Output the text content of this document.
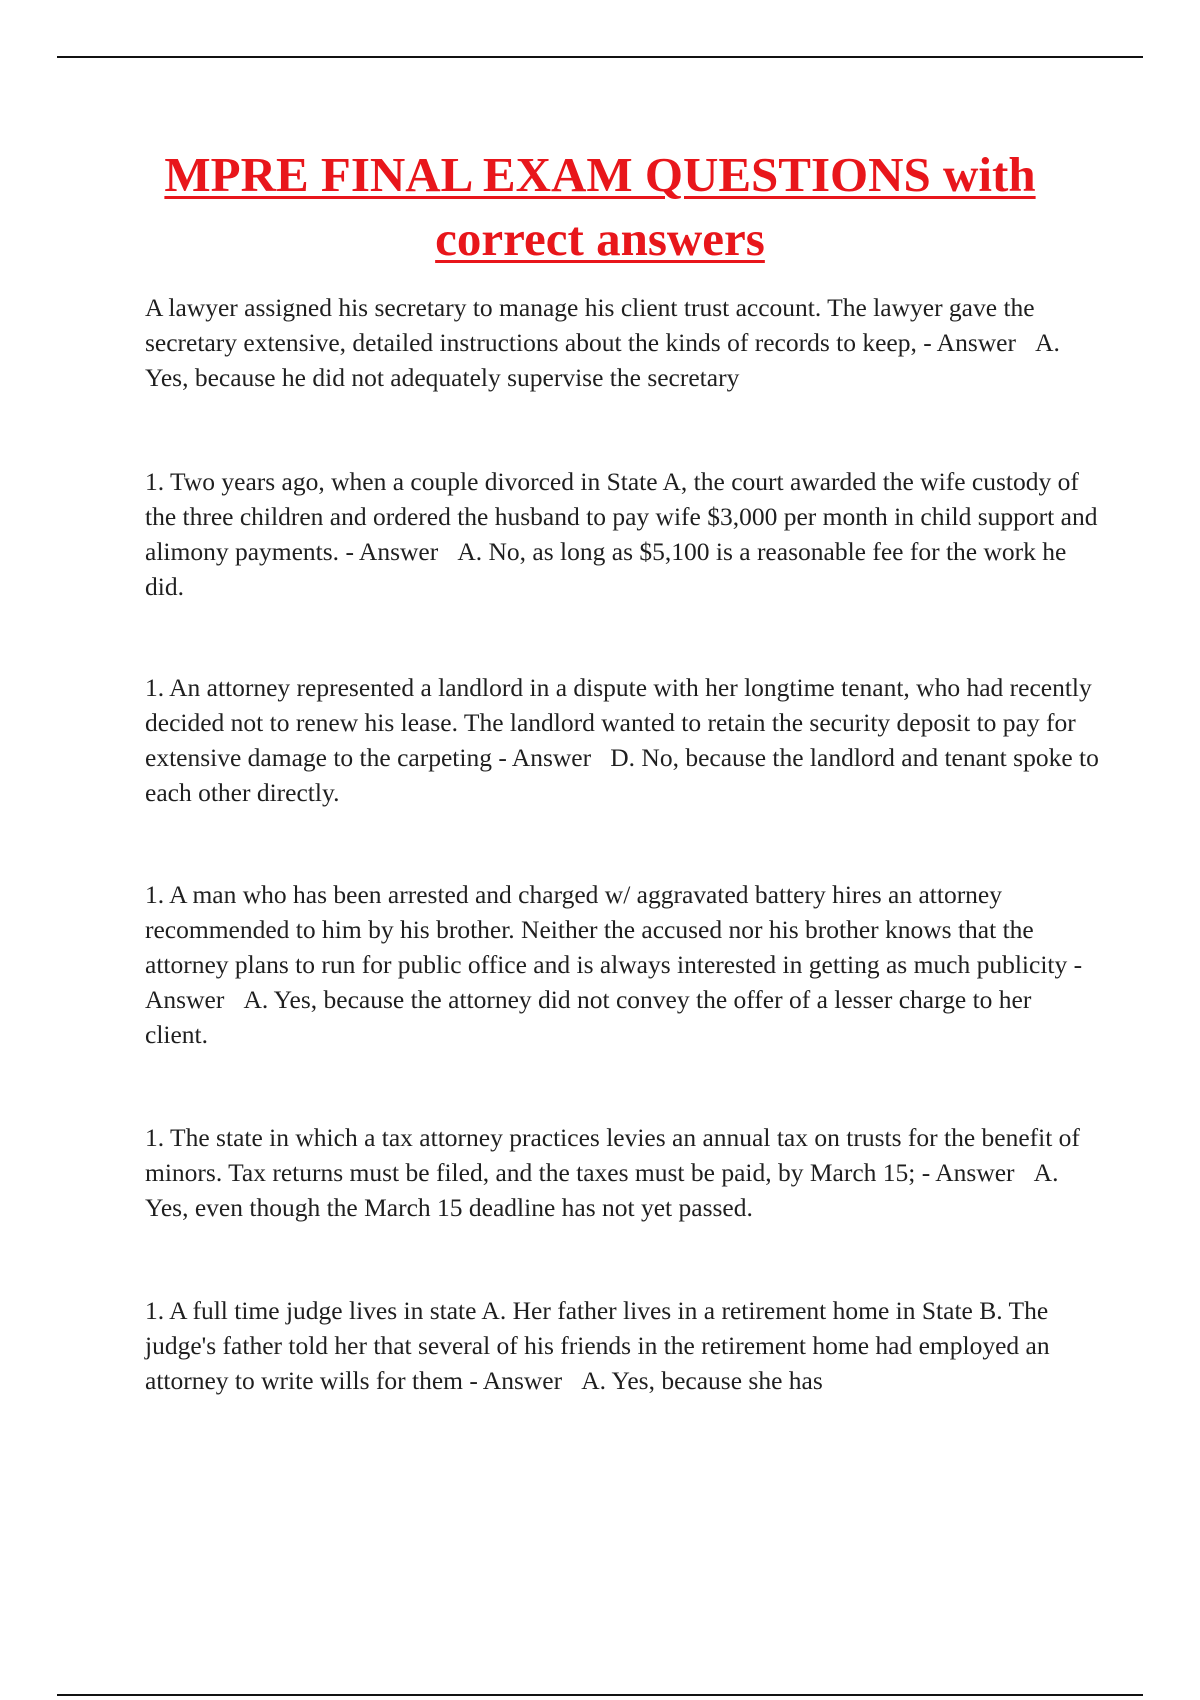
MPRE FINAL EXAM QUESTIONS with correct answers

A lawyer assigned his secretary to manage his client trust account. The lawyer gave the secretary extensive, detailed instructions about the kinds of records to keep, - Answer   A. Yes, because he did not adequately supervise the secretary

1. Two years ago, when a couple divorced in State A, the court awarded the wife custody of the three children and ordered the husband to pay wife $3,000 per month in child support and alimony payments. - Answer   A. No, as long as $5,100 is a reasonable fee for the work he did.

1. An attorney represented a landlord in a dispute with her longtime tenant, who had recently decided not to renew his lease. The landlord wanted to retain the security deposit to pay for extensive damage to the carpeting - Answer   D. No, because the landlord and tenant spoke to each other directly.

1. A man who has been arrested and charged w/ aggravated battery hires an attorney recommended to him by his brother. Neither the accused nor his brother knows that the attorney plans to run for public office and is always interested in getting as much publicity - Answer   A. Yes, because the attorney did not convey the offer of a lesser charge to her client.

1. The state in which a tax attorney practices levies an annual tax on trusts for the benefit of minors. Tax returns must be filed, and the taxes must be paid, by March 15; - Answer   A. Yes, even though the March 15 deadline has not yet passed.

1. A full time judge lives in state A. Her father lives in a retirement home in State B. The judge's father told her that several of his friends in the retirement home had employed an attorney to write wills for them - Answer   A. Yes, because she has
